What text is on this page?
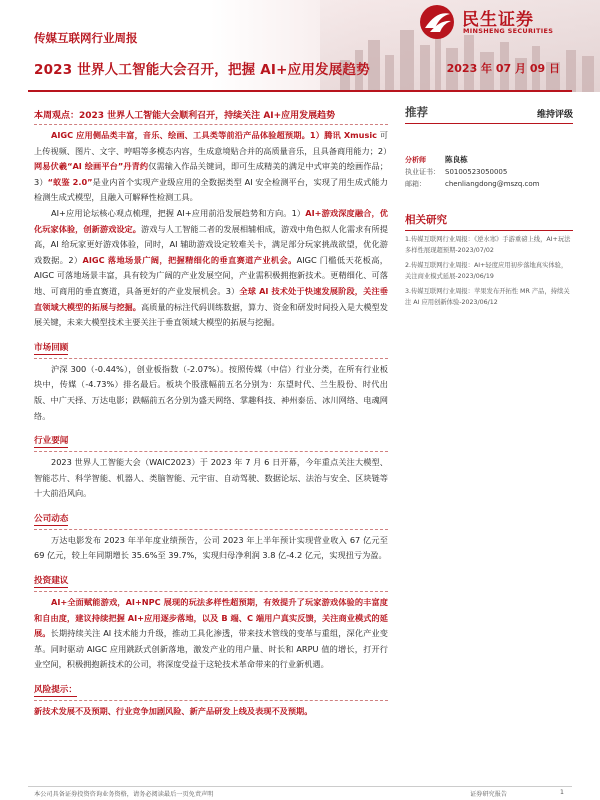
传媒互联网行业周报
2023 世界人工智能大会召开，把握 AI+应用发展趋势	2023 年 07 月 09 日
民生证券
MINSHENG SECURITIES
本周观点：2023 世界人工智能大会顺利召开，持续关注 AI+应用发展趋势

AIGC 应用侧品类丰富，音乐、绘画、工具类等前沿产品体验超预期。1）腾讯 Xmusic 可上传视频、图片、文字、哼唱等多模态内容，生成意境贴合并的高质量音乐，且具备商用能力；2）网易伏羲“AI 绘画平台”丹青约仅需输入作品关键词，即可生成精美的满足中式审美的绘画作品；3）“蚁鉴 2.0”是业内首个实现产业级应用的全数据类型 AI 安全检测平台，实现了用生成式能力检测生成式模型，且融入可解释性检测工具。

AI+应用论坛核心观点梳理，把握 AI+应用前沿发展趋势和方向。1）AI+游戏深度融合，优化玩家体验，创新游戏设定。游戏与人工智能二者的发展相辅相成，游戏中角色拟人化需求有所提高，AI 给玩家更好游戏体验，同时，AI 辅助游戏设定较难关卡，满足部分玩家挑战欲望，优化游戏数据。2）AIGC 落地场景广阔，把握精细化的垂直赛道产业机会。AIGC 门槛低天花板高，AIGC 可落地场景丰富，具有较为广阔的产业发展空间，产业需积极拥抱新技术。更精细化、可落地、可商用的垂直赛道，具备更好的产业发展机会。3）全球 AI 技术处于快速发展阶段，关注垂直领域大模型的拓展与挖掘。高质量的标注代码训练数据，算力、资金和研发时间投入是大模型发展关键，未来大模型技术主要关注于垂直领域大模型的拓展与挖掘。

市场回顾

沪深 300（-0.44%），创业板指数（-2.07%）。按照传媒（中信）行业分类，在所有行业板块中，传媒（-4.73%）排名最后。板块个股涨幅前五名分别为：东望时代、兰生股份、时代出版、中广天择、万达电影；跌幅前五名分别为盛天网络、掌趣科技、神州泰岳、冰川网络、电魂网络。

行业要闻

2023 世界人工智能大会（WAIC2023）于 2023 年 7 月 6 日开幕，今年重点关注大模型、智能芯片、科学智能、机器人、类脑智能、元宇宙、自动驾驶、数据论坛、法治与安全、区块链等十大前沿风向。

公司动态

万达电影发布 2023 年半年度业绩预告，公司 2023 年上半年预计实现营业收入 67 亿元至 69 亿元，较上年同期增长 35.6%至 39.7%，实现归母净利润 3.8 亿-4.2 亿元，实现扭亏为盈。

投资建议

AI+全面赋能游戏，AI+NPC 展现的玩法多样性超预期，有效提升了玩家游戏体验的丰富度和自由度，建议持续把握 AI+应用逐步落地，以及 B 端、C 端用户真实反馈，关注商业模式的延展。长期持续关注 AI 技术能力升级，推动工具化渗透，带来技术管线的变革与重组，深化产业变革。同时驱动 AIGC 应用跳跃式创新落地，激发产业的用户量、时长和 ARPU 值的增长，打开行业空间，积极拥抱新技术的公司，将深度受益于这轮技术革命带来的行业新机遇。

风险提示：
新技术发展不及预期、行业竞争加剧风险、新产品研发上线及表现不及预期。
推荐	维持评级
分析师	陈良栋
执业证书： S0100523050005
邮箱：	chenliangdong@mszq.com
相关研究
1.传媒互联网行业周报：《逆水寒》手游重磅上线，AI+玩法多样性展现超预期-2023/07/02
2.传媒互联网行业周报：AI+轻度应用初步落地真实体验，关注商业模式延展-2023/06/19
3.传媒互联网行业周报：苹果发布开拓性 MR 产品，持续关注 AI 应用创新体验-2023/06/12
本公司具备证券投资咨询业务资格，请务必阅读最后一页免责声明	证券研究报告	1
